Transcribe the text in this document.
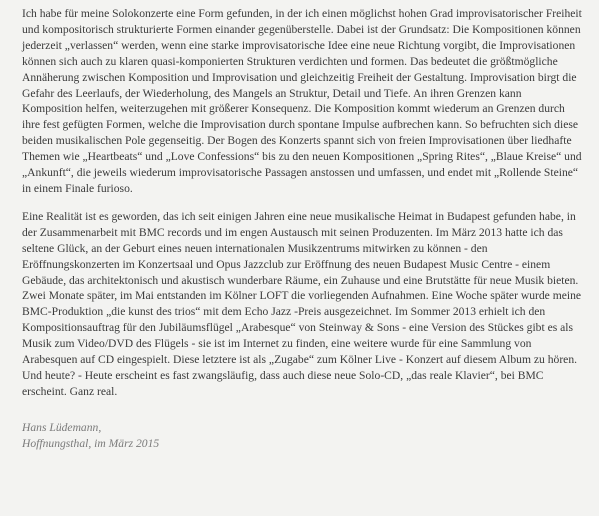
Ich habe für meine Solokonzerte eine Form gefunden, in der ich einen möglichst hohen Grad improvisatorischer Freiheit und kompositorisch strukturierte Formen einander gegenüberstelle. Dabei ist der Grundsatz: Die Kompositionen können jederzeit „verlassen“ werden, wenn eine starke improvisatorische Idee eine neue Richtung vorgibt, die Improvisationen können sich auch zu klaren quasi-komponierten Strukturen verdichten und formen. Das bedeutet die größtmögliche Annäherung zwischen Komposition und Improvisation und gleichzeitig Freiheit der Gestaltung. Improvisation birgt die Gefahr des Leerlaufs, der Wiederholung, des Mangels an Struktur, Detail und Tiefe. An ihren Grenzen kann Komposition helfen, weiterzugehen mit größerer Konsequenz. Die Komposition kommt wiederum an Grenzen durch ihre fest gefügten Formen, welche die Improvisation durch spontane Impulse aufbrechen kann. So befruchten sich diese beiden musikalischen Pole gegenseitig. Der Bogen des Konzerts spannt sich von freien Improvisationen über liedhafte Themen wie „Heartbeats“ und „Love Confessions“ bis zu den neuen Kompositionen „Spring Rites“, „Blaue Kreise“ und „Ankunft“, die jeweils wiederum improvisatorische Passagen anstossen und umfassen, und endet mit „Rollende Steine“ in einem Finale furioso.

Eine Realität ist es geworden, das ich seit einigen Jahren eine neue musikalische Heimat in Budapest gefunden habe, in der Zusammenarbeit mit BMC records und im engen Austausch mit seinen Produzenten. Im März 2013 hatte ich das seltene Glück, an der Geburt eines neuen internationalen Musikzentrums mitwirken zu können - den Eröffnungskonzerten im Konzertsaal und Opus Jazzclub zur Eröffnung des neuen Budapest Music Centre - einem Gebäude, das architektonisch und akustisch wunderbare Räume, ein Zuhause und eine Brutstätte für neue Musik bieten. Zwei Monate später, im Mai entstanden im Kölner LOFT die vorliegenden Aufnahmen. Eine Woche später wurde meine BMC-Produktion „die kunst des trios“ mit dem Echo Jazz -Preis ausgezeichnet. Im Sommer 2013 erhielt ich den Kompositionsauftrag für den Jubiläumsflügel „Arabesque“ von Steinway & Sons - eine Version des Stückes gibt es als Musik zum Video/DVD des Flügels - sie ist im Internet zu finden, eine weitere wurde für eine Sammlung von Arabesquen auf CD eingespielt. Diese letztere ist als „Zugabe“ zum Kölner Live - Konzert auf diesem Album zu hören. Und heute? - Heute erscheint es fast zwangsläufig, dass auch diese neue Solo-CD, „das reale Klavier“, bei BMC erscheint. Ganz real.

Hans Lüdemann,
Hoffnungsthal, im März 2015
